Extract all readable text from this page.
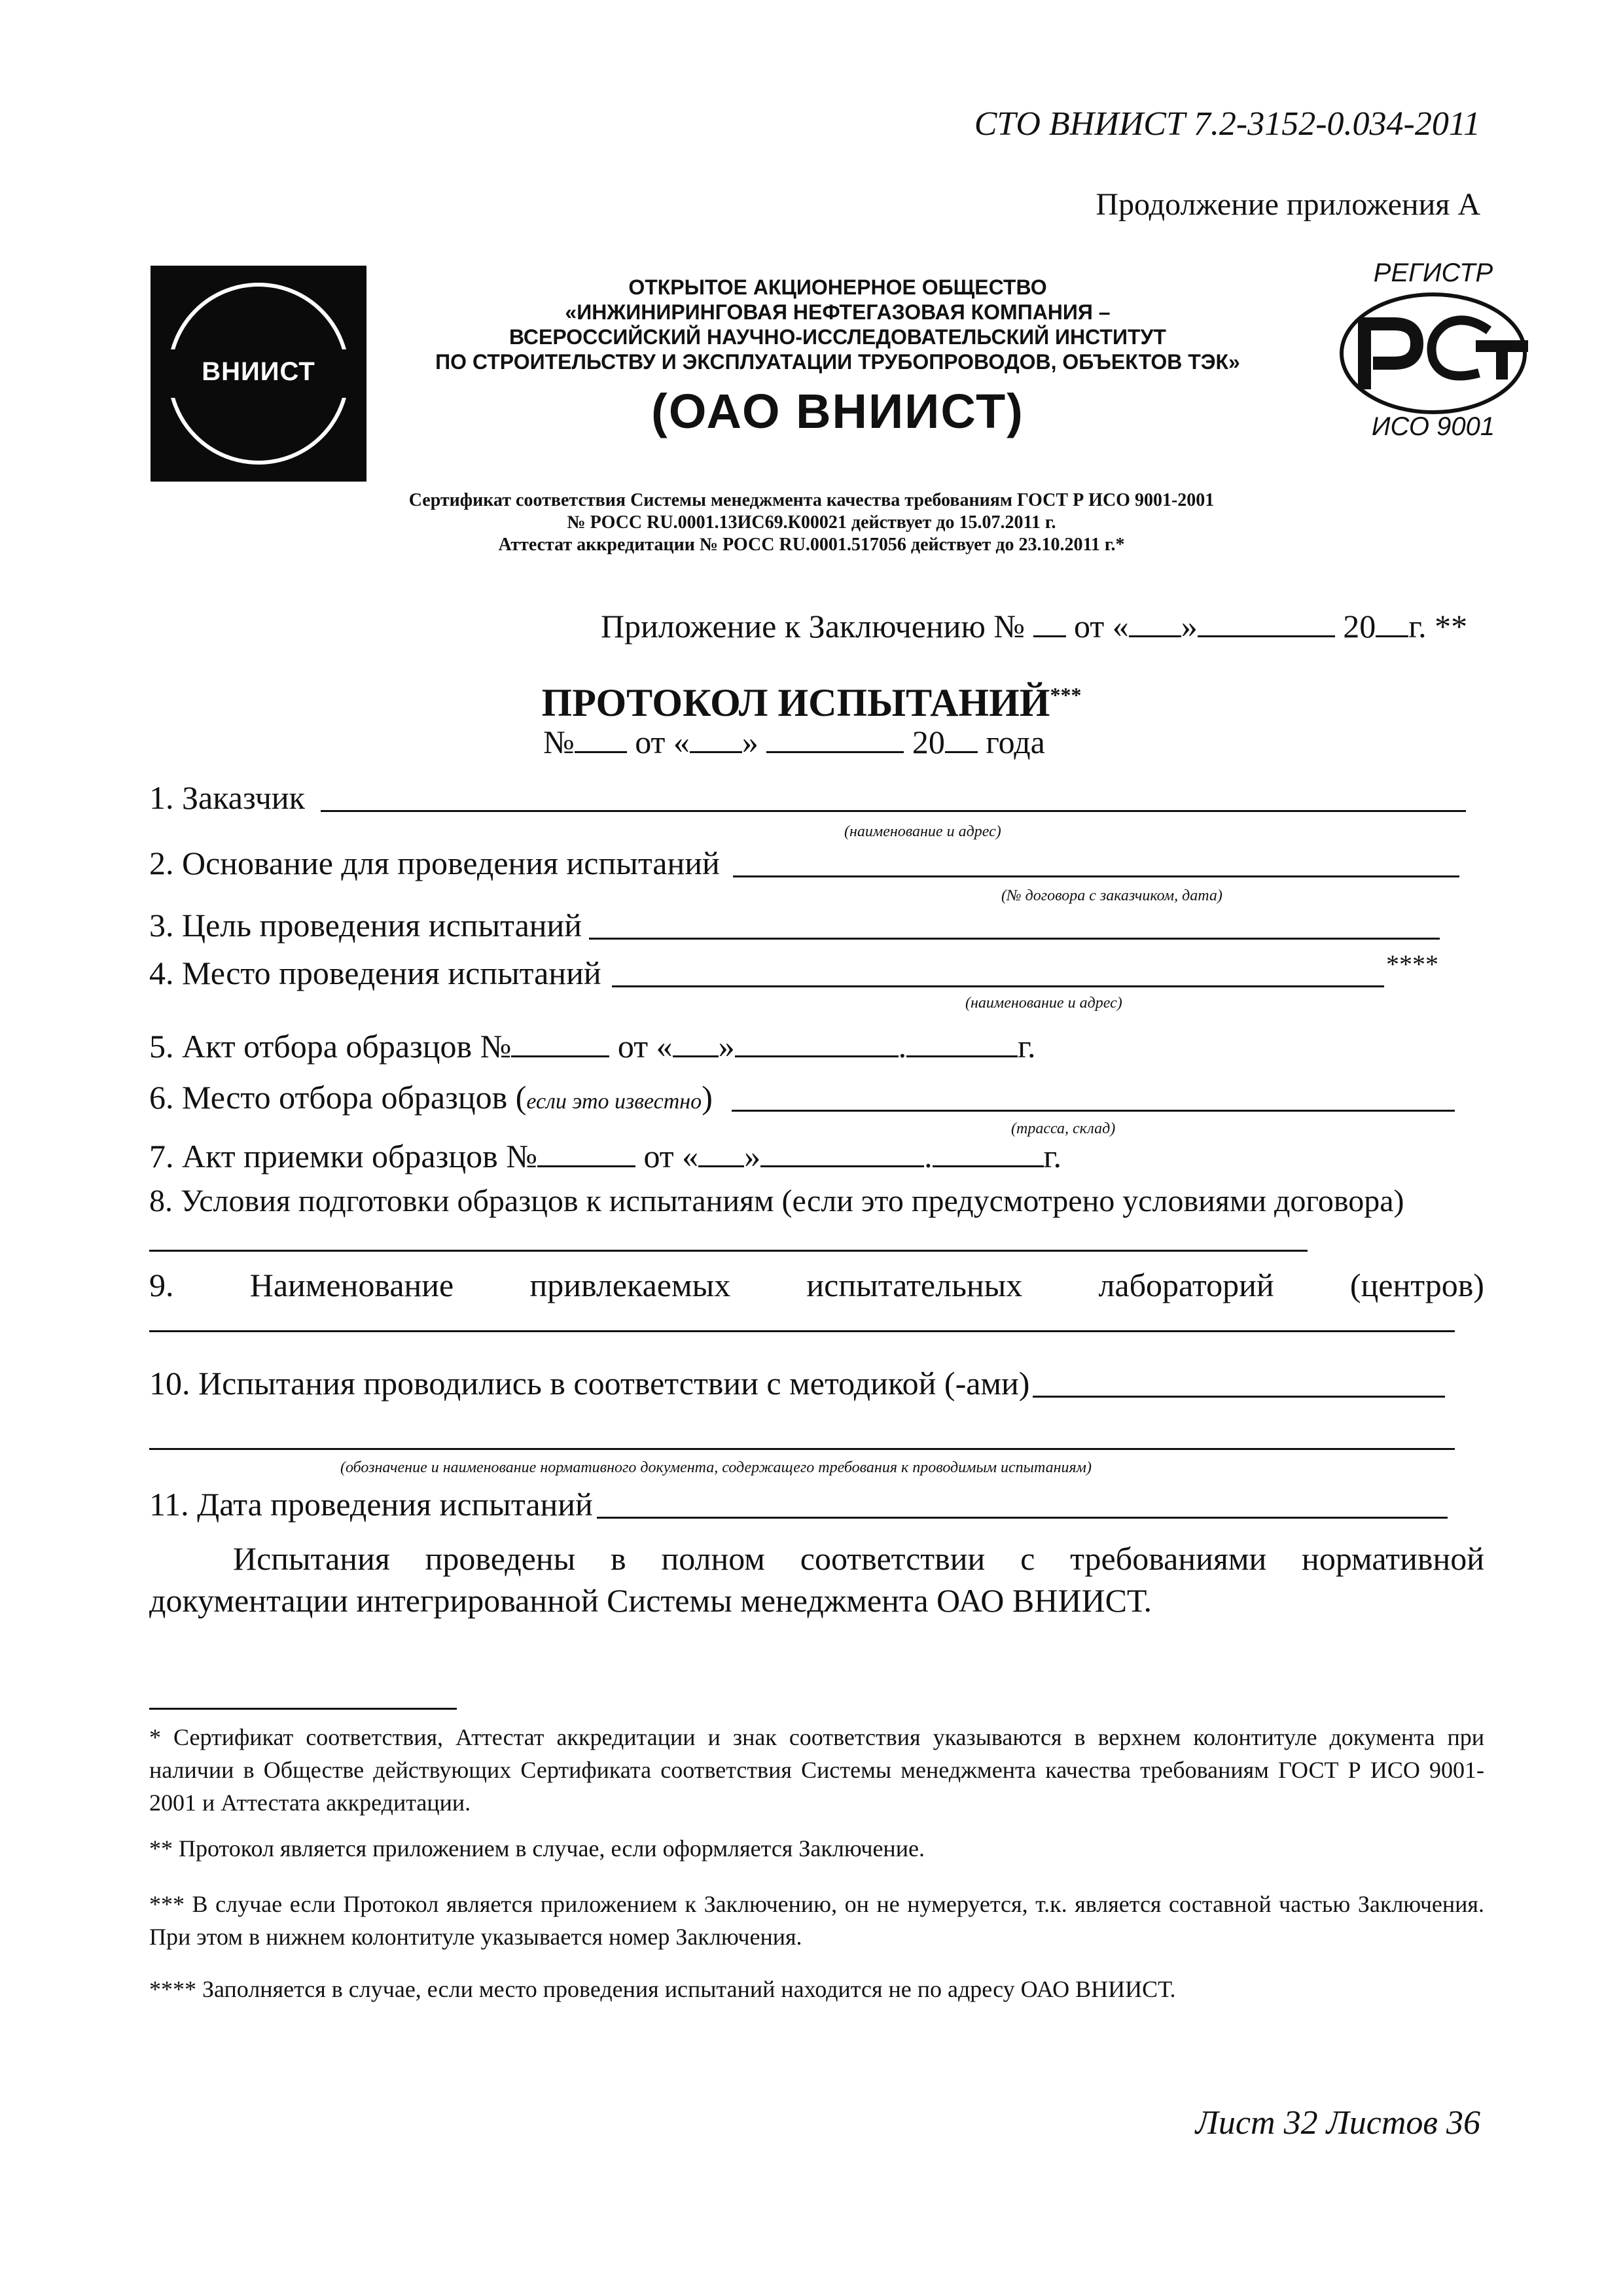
СТО ВНИИСТ 7.2-3152-0.034-2011
Продолжение приложения А
ВНИИСТ
ОТКРЫТОЕ АКЦИОНЕРНОЕ ОБЩЕСТВО
«ИНЖИНИРИНГОВАЯ НЕФТЕГАЗОВАЯ КОМПАНИЯ –
ВСЕРОССИЙСКИЙ НАУЧНО-ИССЛЕДОВАТЕЛЬСКИЙ ИНСТИТУТ
ПО СТРОИТЕЛЬСТВУ И ЭКСПЛУАТАЦИИ ТРУБОПРОВОДОВ, ОБЪЕКТОВ ТЭК»
(ОАО ВНИИСТ)
РЕГИСТР
ИСО 9001
Сертификат соответствия Системы менеджмента качества требованиям ГОСТ Р ИСО 9001-2001
№ РОСС RU.0001.13ИС69.К00021 действует до 15.07.2011 г.
Аттестат аккредитации № РОСС RU.0001.517056 действует до 23.10.2011 г.*
Приложение к Заключению № от « »	20 г. **
ПРОТОКОЛ ИСПЫТАНИЙ***
№ от « »	20 года
1. Заказчик
(наименование и адрес)
2. Основание для проведения испытаний
(№ договора с заказчиком, дата)
3. Цель проведения испытаний
4. Место проведения испытаний	****
(наименование и адрес)
5. Акт отбора образцов №	от « »	.	г.
6. Место отбора образцов (если это известно)
(трасса, склад)
7. Акт приемки образцов №	от « »	.	г.
8. Условия подготовки образцов к испытаниям (если это предусмотрено условиями договора)
9. Наименование привлекаемых испытательных лабораторий (центров)
10. Испытания проводились в соответствии с методикой (-ами)
(обозначение и наименование нормативного документа, содержащего требования к проводимым испытаниям)
11. Дата проведения испытаний
Испытания проведены в полном соответствии с требованиями нормативной документации интегрированной Системы менеджмента ОАО ВНИИСТ.
* Сертификат соответствия, Аттестат аккредитации и знак соответствия указываются в верхнем колонтитуле документа при наличии в Обществе действующих Сертификата соответствия Системы менеджмента качества требованиям ГОСТ Р ИСО 9001-2001 и Аттестата аккредитации.
** Протокол является приложением в случае, если оформляется Заключение.
*** В случае если Протокол является приложением к Заключению, он не нумеруется, т.к. является составной частью Заключения. При этом в нижнем колонтитуле указывается номер Заключения.
**** Заполняется в случае, если место проведения испытаний находится не по адресу ОАО ВНИИСТ.
Лист 32 Листов 36
